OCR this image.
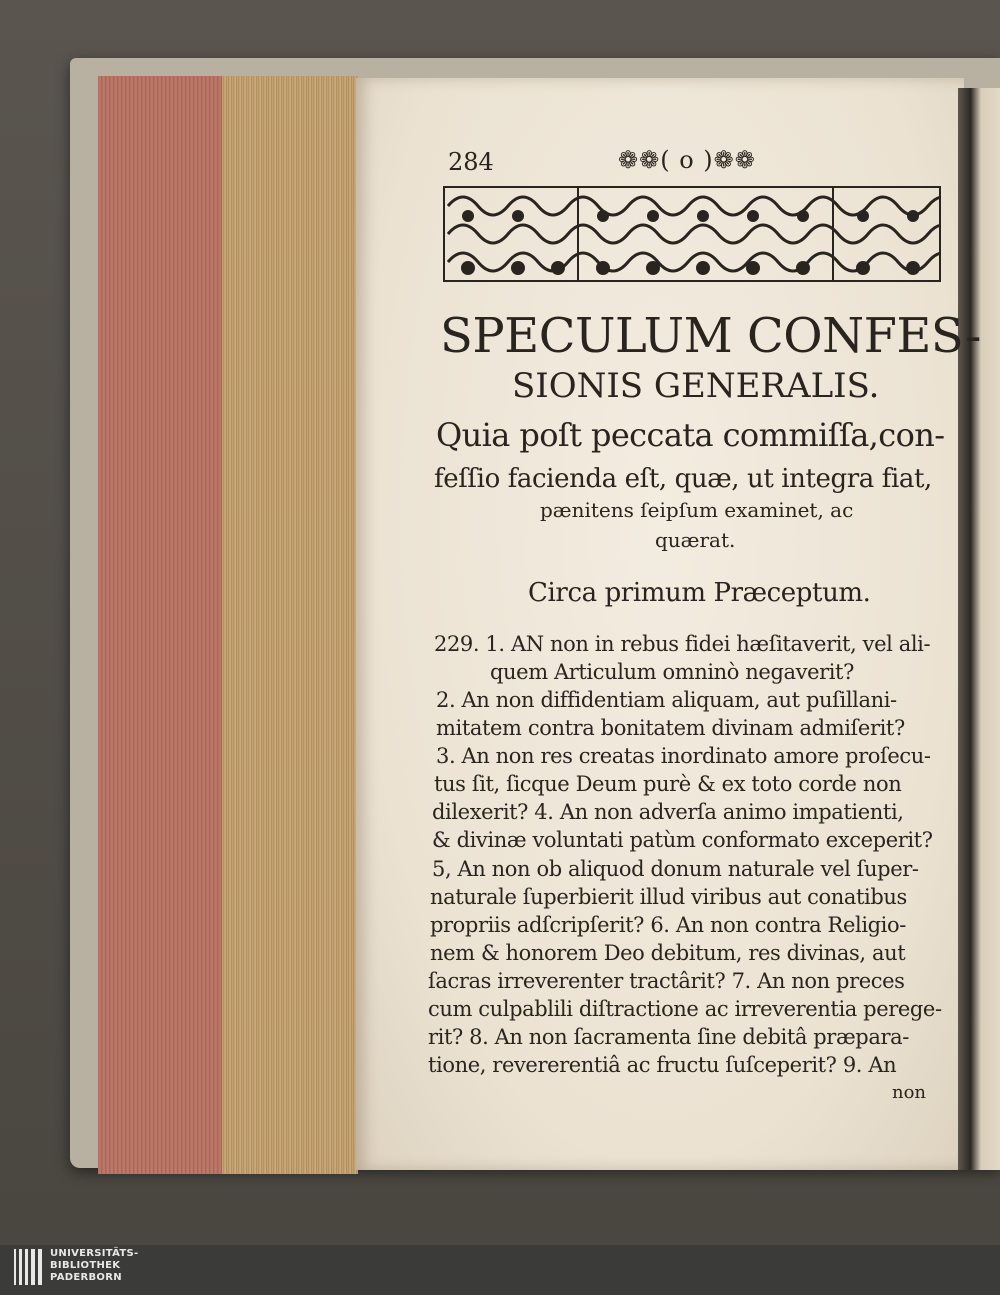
284	❁❁( o )❁❁
SPECULUM CONFES-
SIONIS GENERALIS.
Quia poſt peccata commiſſa,con-
feſſio facienda eſt, quæ, ut integra fiat,
pænitens ſeipſum examinet, ac
quærat.
Circa primum Præceptum.
229. 1. AN non in rebus fidei hæſitaverit, vel ali-
quem Articulum omninò negaverit?
2. An non diffidentiam aliquam, aut puſillani-
mitatem contra bonitatem divinam admiſerit?
3. An non res creatas inordinato amore proſecu-
tus ſit, ſicque Deum purè & ex toto corde non
dilexerit? 4. An non adverſa animo impatienti,
& divinæ voluntati patùm conformato exceperit?
5, An non ob aliquod donum naturale vel ſuper-
naturale ſuperbierit illud viribus aut conatibus
propriis adſcripſerit? 6. An non contra Religio-
nem & honorem Deo debitum, res divinas, aut
ſacras irreverenter tractârit? 7. An non preces
cum culpablili diſtractione ac irreverentia perege-
rit? 8. An non ſacramenta ſine debitâ præpara-
tione, revererentiâ ac fructu ſuſceperit? 9. An
non
UNIVERSITÄTS-
BIBLIOTHEK
PADERBORN
